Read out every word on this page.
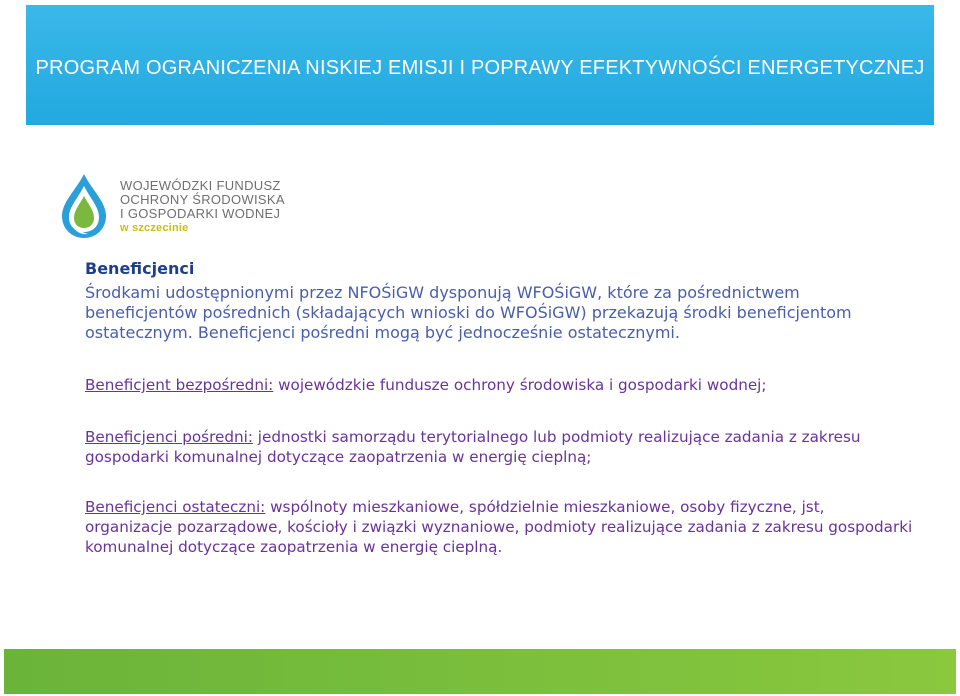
PROGRAM OGRANICZENIA NISKIEJ EMISJI I POPRAWY EFEKTYWNOŚCI ENERGETYCZNEJ
WOJEWÓDZKI FUNDUSZ
OCHRONY ŚRODOWISKA
I GOSPODARKI WODNEJ
w szczecinie
Beneficjenci
Środkami udostępnionymi przez NFOŚiGW dysponują WFOŚiGW, które za pośrednictwem beneficjentów pośrednich (składających wnioski do WFOŚiGW) przekazują środki beneficjentom ostatecznym. Beneficjenci pośredni mogą być jednocześnie ostatecznymi.
Beneficjent bezpośredni: wojewódzkie fundusze ochrony środowiska i gospodarki wodnej;
Beneficjenci pośredni: jednostki samorządu terytorialnego lub podmioty realizujące zadania z zakresu gospodarki komunalnej dotyczące zaopatrzenia w energię cieplną;
Beneficjenci ostateczni: wspólnoty mieszkaniowe, spółdzielnie mieszkaniowe, osoby fizyczne, jst, organizacje pozarządowe, kościoły i związki wyznaniowe, podmioty realizujące zadania z zakresu gospodarki komunalnej dotyczące zaopatrzenia w energię cieplną.
